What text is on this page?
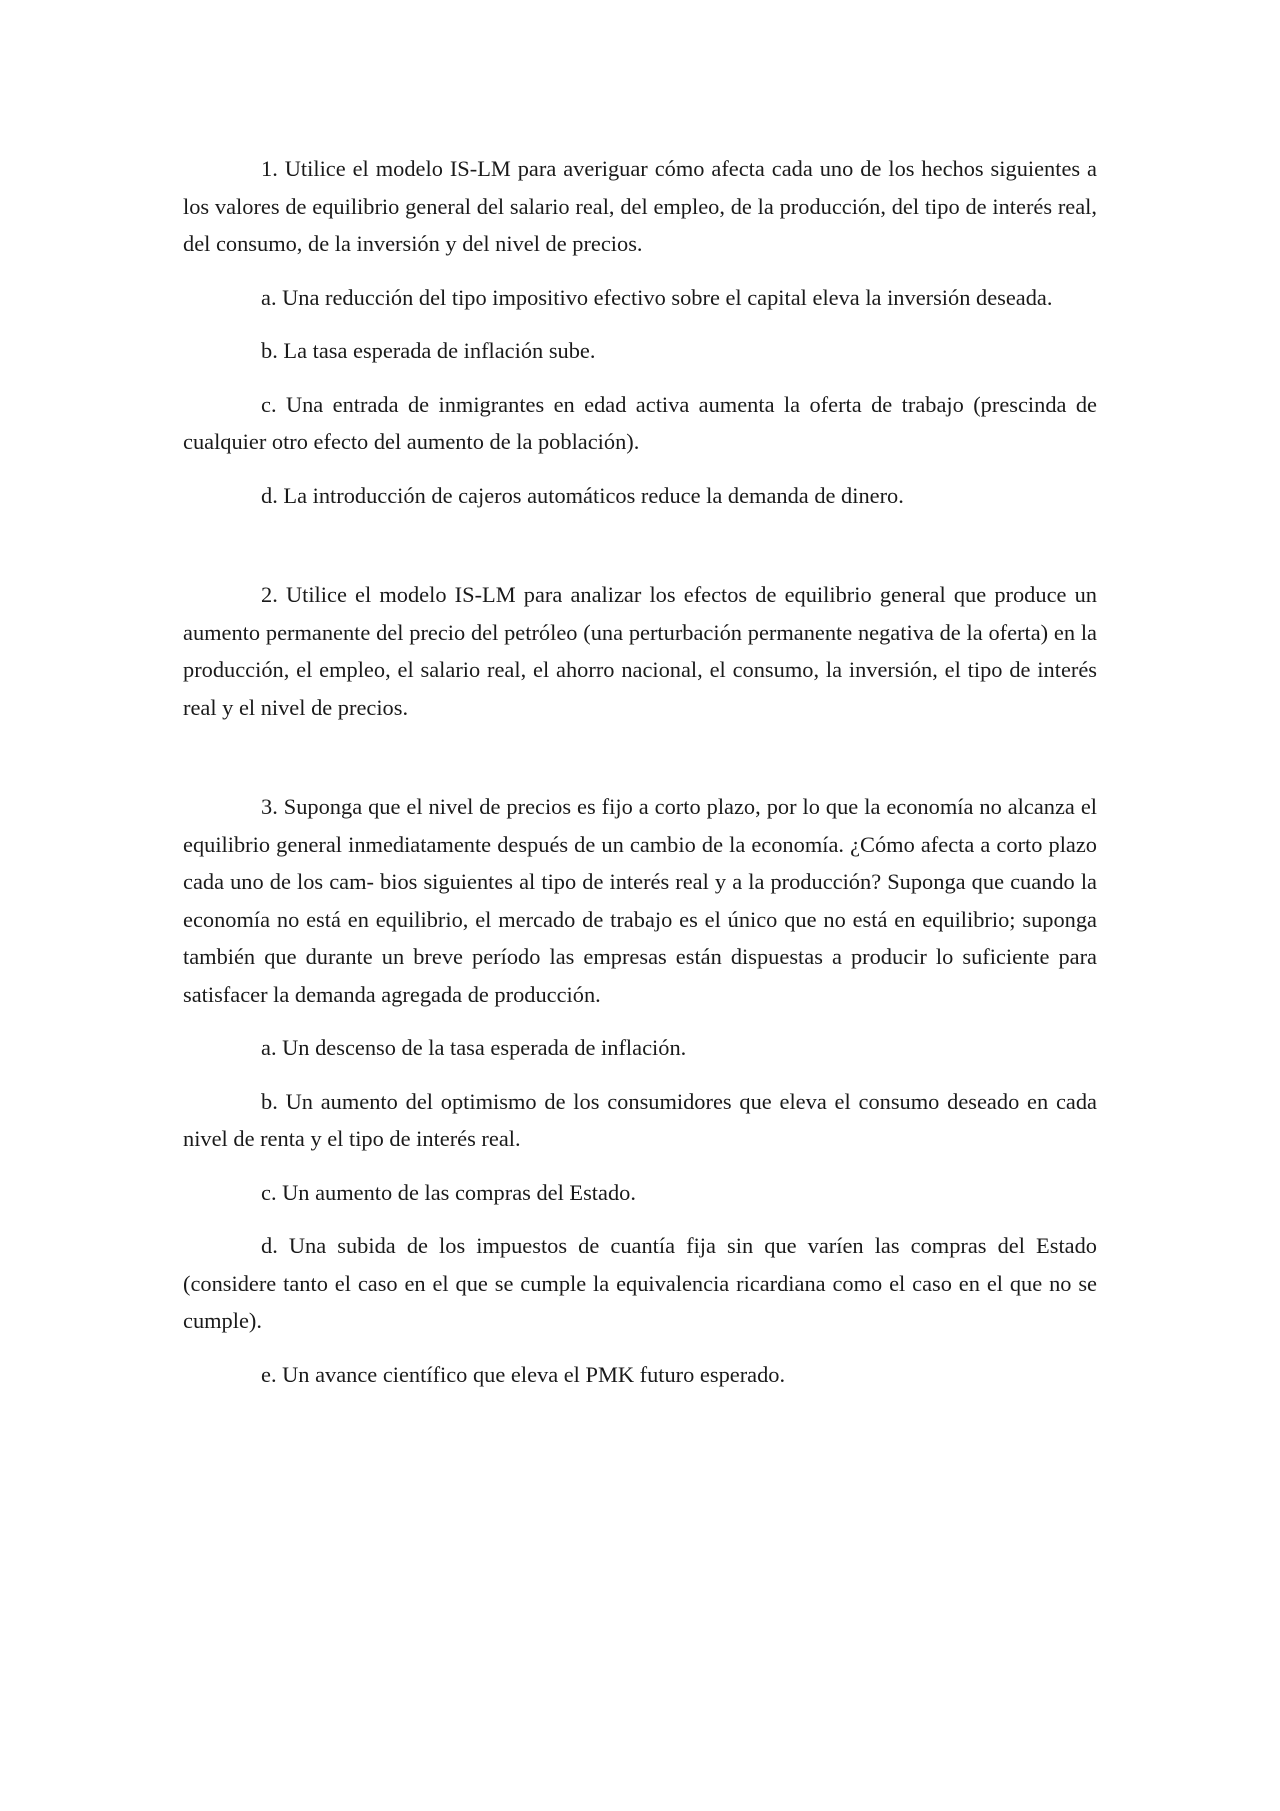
1. Utilice el modelo IS-LM para averiguar cómo afecta cada uno de los hechos siguientes a los valores de equilibrio general del salario real, del empleo, de la producción, del tipo de interés real, del consumo, de la inversión y del nivel de precios.

a. Una reducción del tipo impositivo efectivo sobre el capital eleva la inversión deseada.

b. La tasa esperada de inflación sube.

c. Una entrada de inmigrantes en edad activa aumenta la oferta de trabajo (prescinda de cualquier otro efecto del aumento de la población).

d. La introducción de cajeros automáticos reduce la demanda de dinero.

2. Utilice el modelo IS-LM para analizar los efectos de equilibrio general que produce un aumento permanente del precio del petróleo (una perturbación permanente negativa de la oferta) en la producción, el empleo, el salario real, el ahorro nacional, el consumo, la inversión, el tipo de interés real y el nivel de precios.

3. Suponga que el nivel de precios es fijo a corto plazo, por lo que la economía no alcanza el equilibrio general inmediatamente después de un cambio de la economía. ¿Cómo afecta a corto plazo cada uno de los cam- bios siguientes al tipo de interés real y a la producción? Suponga que cuando la economía no está en equilibrio, el mercado de trabajo es el único que no está en equilibrio; suponga también que durante un breve período las empresas están dispuestas a producir lo suficiente para satisfacer la demanda agregada de producción.

a. Un descenso de la tasa esperada de inflación.

b. Un aumento del optimismo de los consumidores que eleva el consumo deseado en cada nivel de renta y el tipo de interés real.

c. Un aumento de las compras del Estado.

d. Una subida de los impuestos de cuantía fija sin que varíen las compras del Estado (considere tanto el caso en el que se cumple la equivalencia ricardiana como el caso en el que no se cumple).

e. Un avance científico que eleva el PMK futuro esperado.
